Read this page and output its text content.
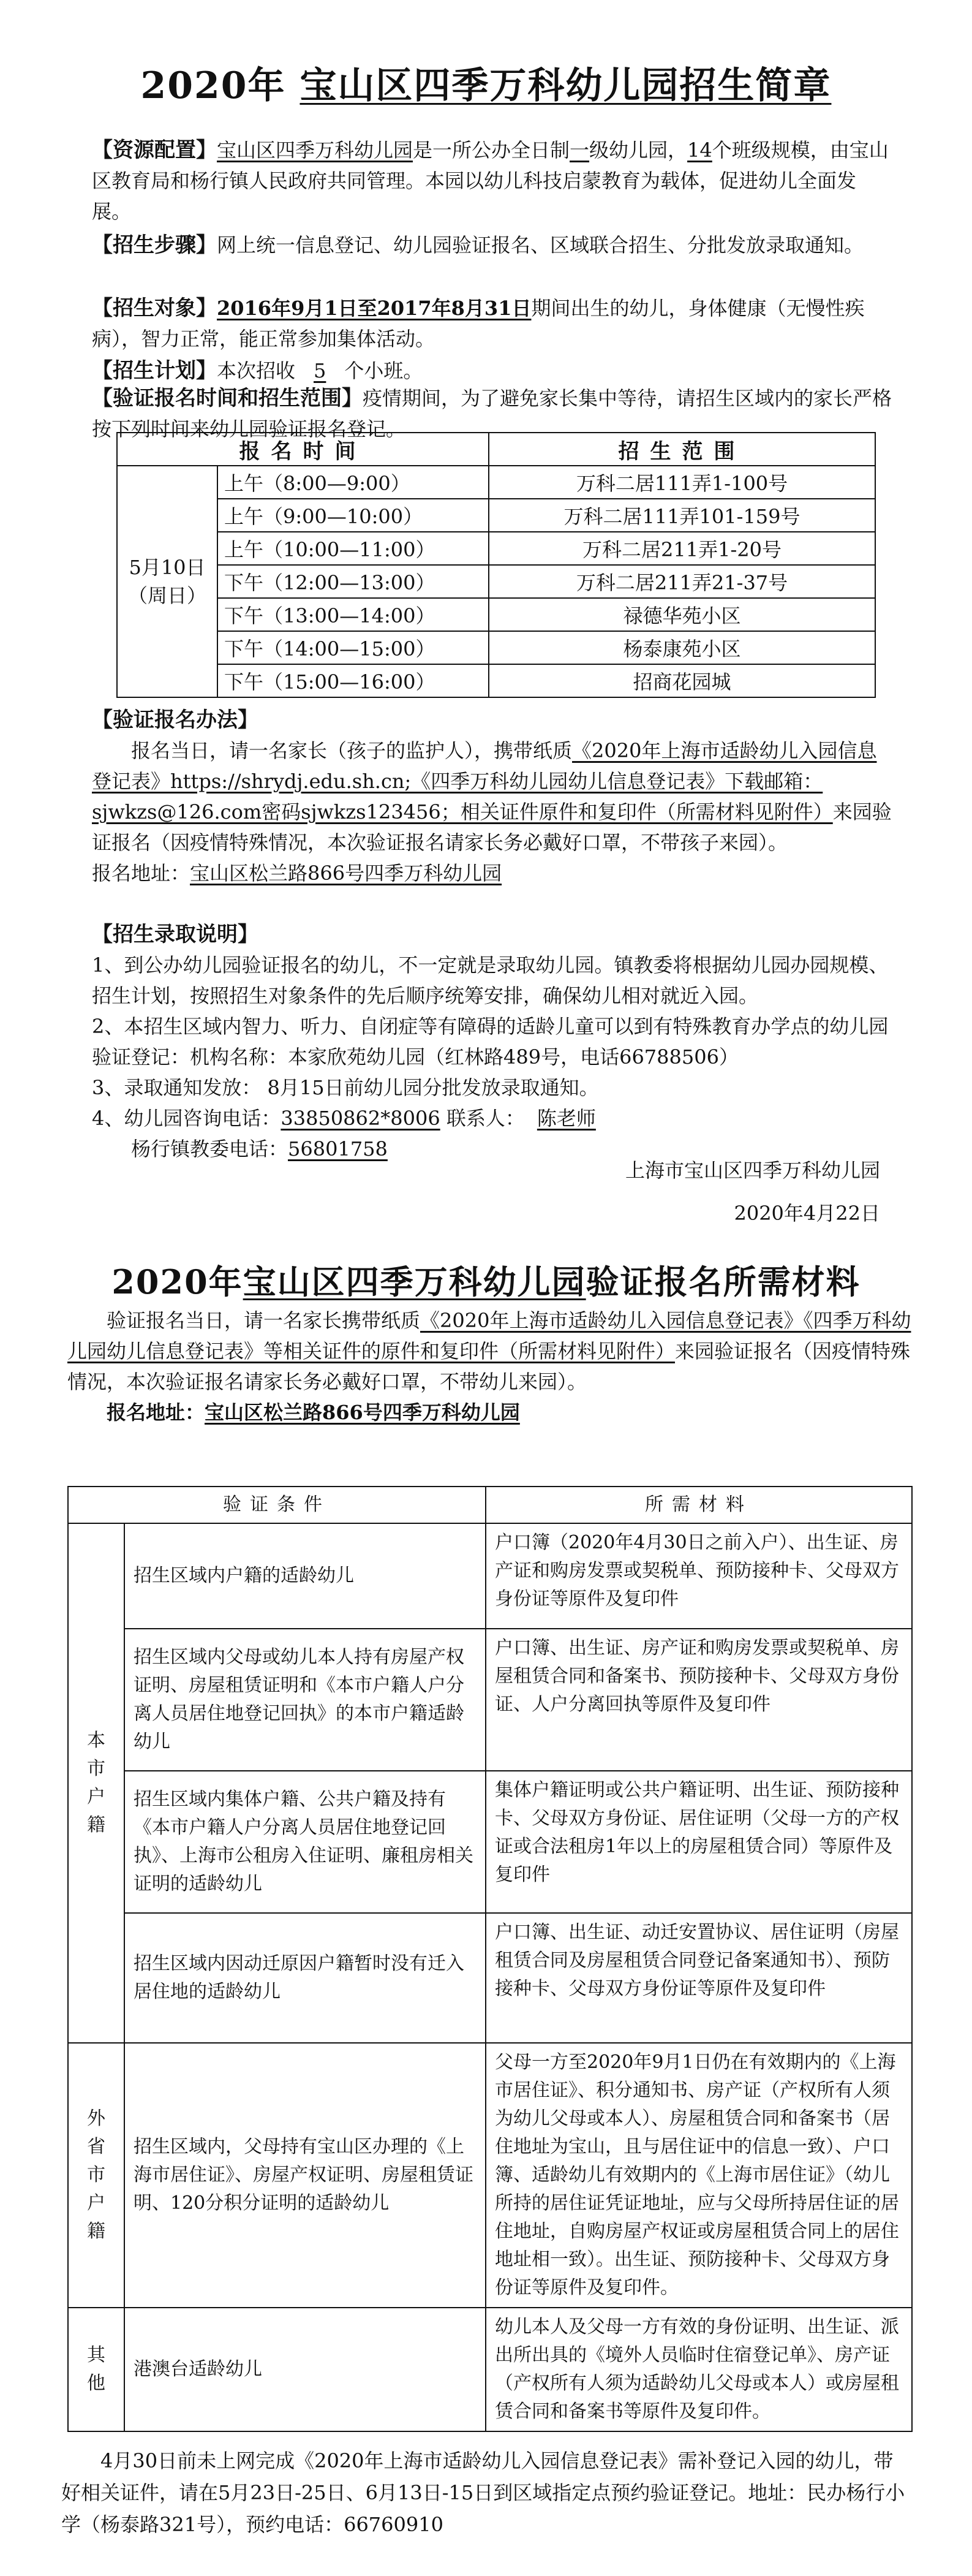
2020年 宝山区四季万科幼儿园招生简章
【资源配置】宝山区四季万科幼儿园是一所公办全日制一级幼儿园，14个班级规模，由宝山区教育局和杨行镇人民政府共同管理。本园以幼儿科技启蒙教育为载体，促进幼儿全面发展。
【招生步骤】网上统一信息登记、幼儿园验证报名、区域联合招生、分批发放录取通知。
【招生对象】2016年9月1日至2017年8月31日期间出生的幼儿，身体健康（无慢性疾病），智力正常，能正常参加集体活动。
【招生计划】本次招收 5 个小班。
【验证报名时间和招生范围】疫情期间，为了避免家长集中等待，请招生区域内的家长严格按下列时间来幼儿园验证报名登记。
报名时间		招生范围
5月10日（周日）	上午（8:00—9:00）	万科二居111弄1-100号
	上午（9:00—10:00）	万科二居111弄101-159号
	上午（10:00—11:00）	万科二居211弄1-20号
	下午（12:00—13:00）	万科二居211弄21-37号
	下午（13:00—14:00）	禄德华苑小区
	下午（14:00—15:00）	杨泰康苑小区
	下午（15:00—16:00）	招商花园城
【验证报名办法】
报名当日，请一名家长（孩子的监护人），携带纸质《2020年上海市适龄幼儿入园信息登记表》https://shrydj.edu.sh.cn;《四季万科幼儿园幼儿信息登记表》下载邮箱：sjwkzs@126.com密码sjwkzs123456；相关证件原件和复印件（所需材料见附件）来园验证报名（因疫情特殊情况，本次验证报名请家长务必戴好口罩，不带孩子来园）。
报名地址：宝山区松兰路866号四季万科幼儿园
【招生录取说明】
1、到公办幼儿园验证报名的幼儿，不一定就是录取幼儿园。镇教委将根据幼儿园办园规模、招生计划，按照招生对象条件的先后顺序统筹安排，确保幼儿相对就近入园。
2、本招生区域内智力、听力、自闭症等有障碍的适龄儿童可以到有特殊教育办学点的幼儿园验证登记：机构名称：本家欣苑幼儿园（红林路489号，电话66788506）
3、录取通知发放： 8月15日前幼儿园分批发放录取通知。
4、幼儿园咨询电话：33850862*8006 联系人： 陈老师
杨行镇教委电话：56801758
上海市宝山区四季万科幼儿园
2020年4月22日
2020年宝山区四季万科幼儿园验证报名所需材料
验证报名当日，请一名家长携带纸质《2020年上海市适龄幼儿入园信息登记表》《四季万科幼儿园幼儿信息登记表》等相关证件的原件和复印件（所需材料见附件）来园验证报名（因疫情特殊情况，本次验证报名请家长务必戴好口罩，不带幼儿来园）。
报名地址：宝山区松兰路866号四季万科幼儿园
验证条件		所需材料

本
市
户
籍	招生区域内户籍的适龄幼儿	户口簿（2020年4月30日之前入户）、出生证、房产证和购房发票或契税单、预防接种卡、父母双方身份证等原件及复印件
	招生区域内父母或幼儿本人持有房屋产权证明、房屋租赁证明和《本市户籍人户分离人员居住地登记回执》的本市户籍适龄幼儿	户口簿、出生证、房产证和购房发票或契税单、房屋租赁合同和备案书、预防接种卡、父母双方身份证、人户分离回执等原件及复印件
	招生区域内集体户籍、公共户籍及持有《本市户籍人户分离人员居住地登记回执》、上海市公租房入住证明、廉租房相关证明的适龄幼儿	集体户籍证明或公共户籍证明、出生证、预防接种卡、父母双方身份证、居住证明（父母一方的产权证或合法租房1年以上的房屋租赁合同）等原件及复印件
	招生区域内因动迁原因户籍暂时没有迁入居住地的适龄幼儿	户口簿、出生证、动迁安置协议、居住证明（房屋租赁合同及房屋租赁合同登记备案通知书）、预防接种卡、父母双方身份证等原件及复印件

外
省
市
户
籍	招生区域内，父母持有宝山区办理的《上海市居住证》、房屋产权证明、房屋租赁证明、120分积分证明的适龄幼儿	父母一方至2020年9月1日仍在有效期内的《上海市居住证》、积分通知书、房产证（产权所有人须为幼儿父母或本人）、房屋租赁合同和备案书（居住地址为宝山，且与居住证中的信息一致）、户口簿、适龄幼儿有效期内的《上海市居住证》（幼儿所持的居住证凭证地址，应与父母所持居住证的居住地址，自购房屋产权证或房屋租赁合同上的居住地址相一致）。出生证、预防接种卡、父母双方身份证等原件及复印件。

其
他	港澳台适龄幼儿	幼儿本人及父母一方有效的身份证明、出生证、派出所出具的《境外人员临时住宿登记单》、房产证（产权所有人须为适龄幼儿父母或本人）或房屋租赁合同和备案书等原件及复印件。
4月30日前未上网完成《2020年上海市适龄幼儿入园信息登记表》需补登记入园的幼儿，带好相关证件，请在5月23日-25日、6月13日-15日到区域指定点预约验证登记。地址：民办杨行小学（杨泰路321号），预约电话：66760910
